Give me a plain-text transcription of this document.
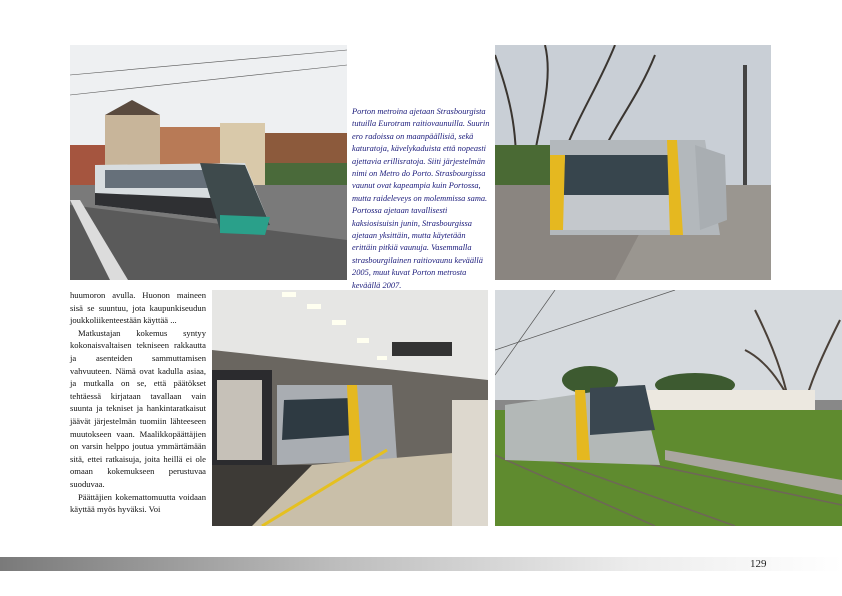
Porton metroina ajetaan Strasbourgista tutuilla Eurotram raitiovaunuilla. Suurin ero radoissa on maanpäällisiä, sekä katuratoja, kävelykaduista että nopeasti ajettavia erillisratoja. Siiti järjestelmän nimi on Metro do Porto. Strasbourgissa vaunut ovat kapeampia kuin Portossa, mutta raideleveys on molemmissa sama. Portossa ajetaan tavallisesti kaksiosisuisin junin, Strasbourgissa ajetaan yksittäin, mutta käytetään erittäin pitkiä vaunuja. Vasemmalla strasbourgilainen raitiovaunu keväällä 2005, muut kuvat Porton metrosta keväällä 2007.

huumoron avulla. Huonon maineen sisä se suuntuu, jota kaupunkiseudun joukkoliikenteestään käyttää ...

Matkustajan kokemus syntyy kokonaisvaltaisen tekniseen rakkautta ja asenteiden sammuttamisen vahvuuteen. Nämä ovat kadulla asiaa, ja mutkalla on se, että päätökset tehtäessä kirjataan tavallaan vain suunta ja tekniset ja hankintaratkaisut jäävät järjestelmän tuomiin lähteeseen muutokseen vaan. Maalikkopäättäjien on varsin helppo joutua ymmärtämään sitä, ettei ratkaisuja, joita heillä ei ole omaan kokemukseen perustuvaa suoduvaa.

Päättäjien kokemattomuutta voidaan käyttää myös hyväksi. Voi

129
